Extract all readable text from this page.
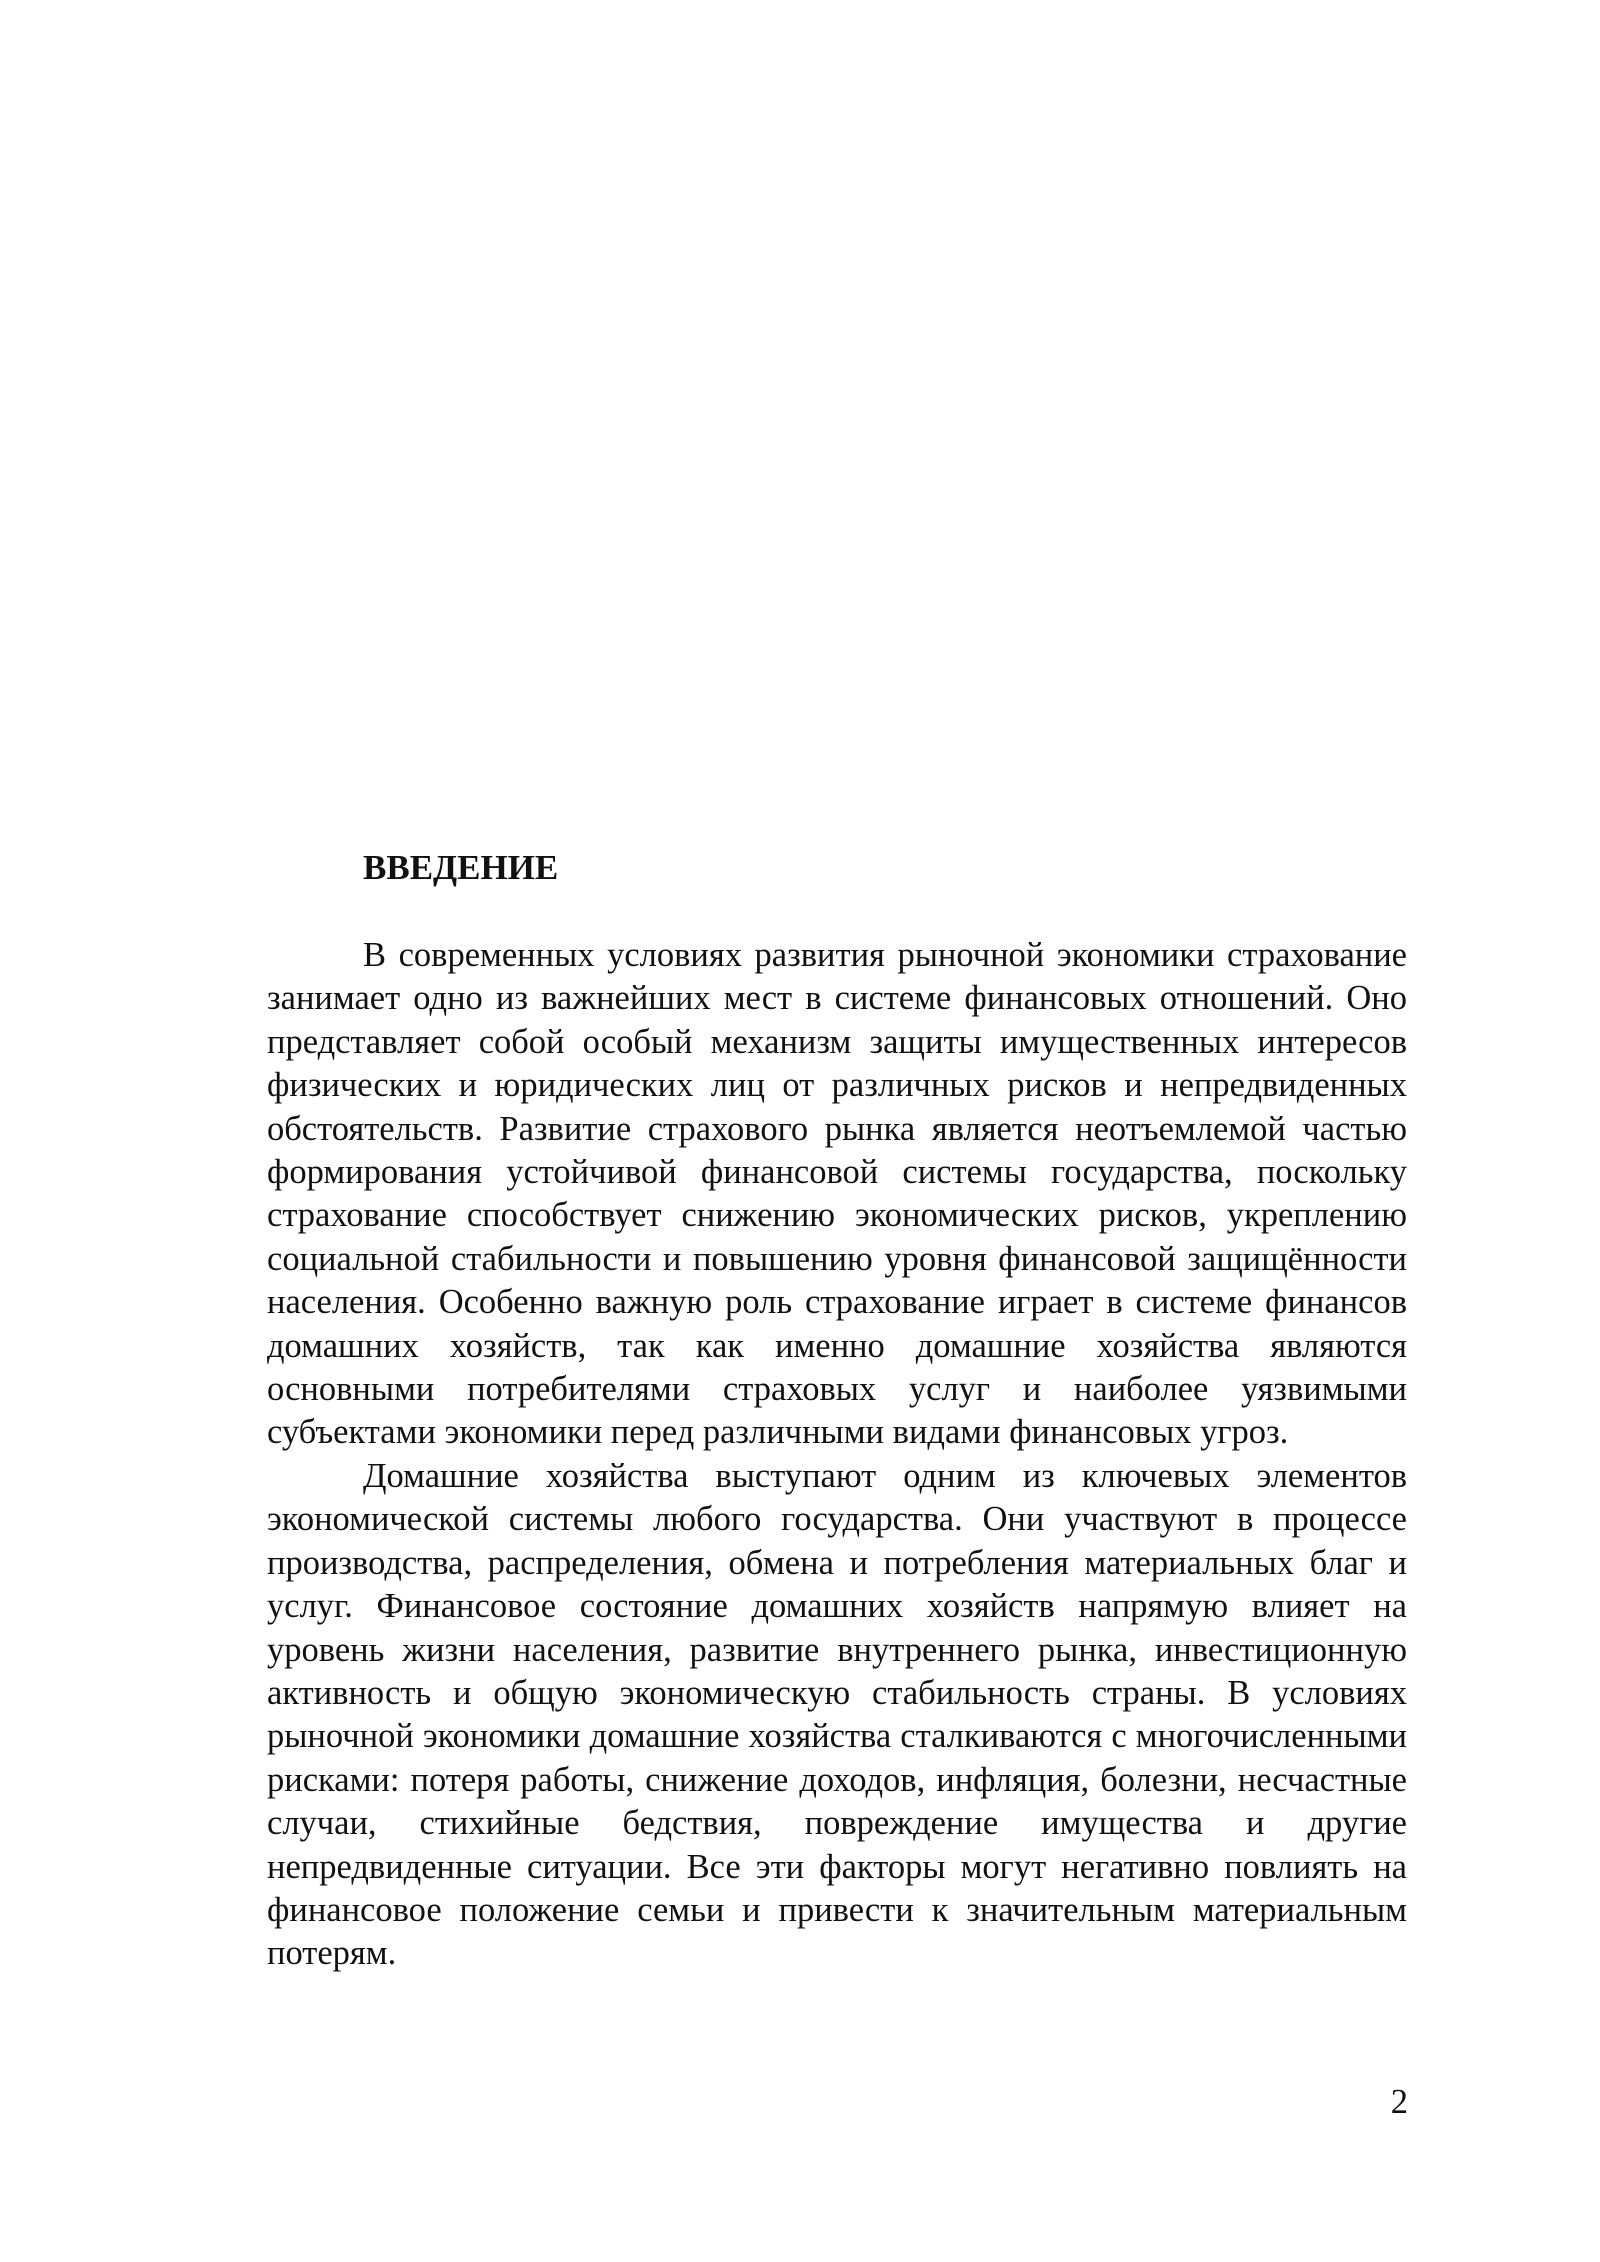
ВВЕДЕНИЕ

В современных условиях развития рыночной экономики страхование занимает одно из важнейших мест в системе финансовых отношений. Оно представляет собой особый механизм защиты имущественных интересов физических и юридических лиц от различных рисков и непредвиденных обстоятельств. Развитие страхового рынка является неотъемлемой частью формирования устойчивой финансовой системы государства, поскольку страхование способствует снижению экономических рисков, укреплению социальной стабильности и повышению уровня финансовой защищённости населения. Особенно важную роль страхование играет в системе финансов домашних хозяйств, так как именно домашние хозяйства являются основными потребителями страховых услуг и наиболее уязвимыми субъектами экономики перед различными видами финансовых угроз.

Домашние хозяйства выступают одним из ключевых элементов экономической системы любого государства. Они участвуют в процессе производства, распределения, обмена и потребления материальных благ и услуг. Финансовое состояние домашних хозяйств напрямую влияет на уровень жизни населения, развитие внутреннего рынка, инвестиционную активность и общую экономическую стабильность страны. В условиях рыночной экономики домашние хозяйства сталкиваются с многочисленными рисками: потеря работы, снижение доходов, инфляция, болезни, несчастные случаи, стихийные бедствия, повреждение имущества и другие непредвиденные ситуации. Все эти факторы могут негативно повлиять на финансовое положение семьи и привести к значительным материальным потерям.

2
